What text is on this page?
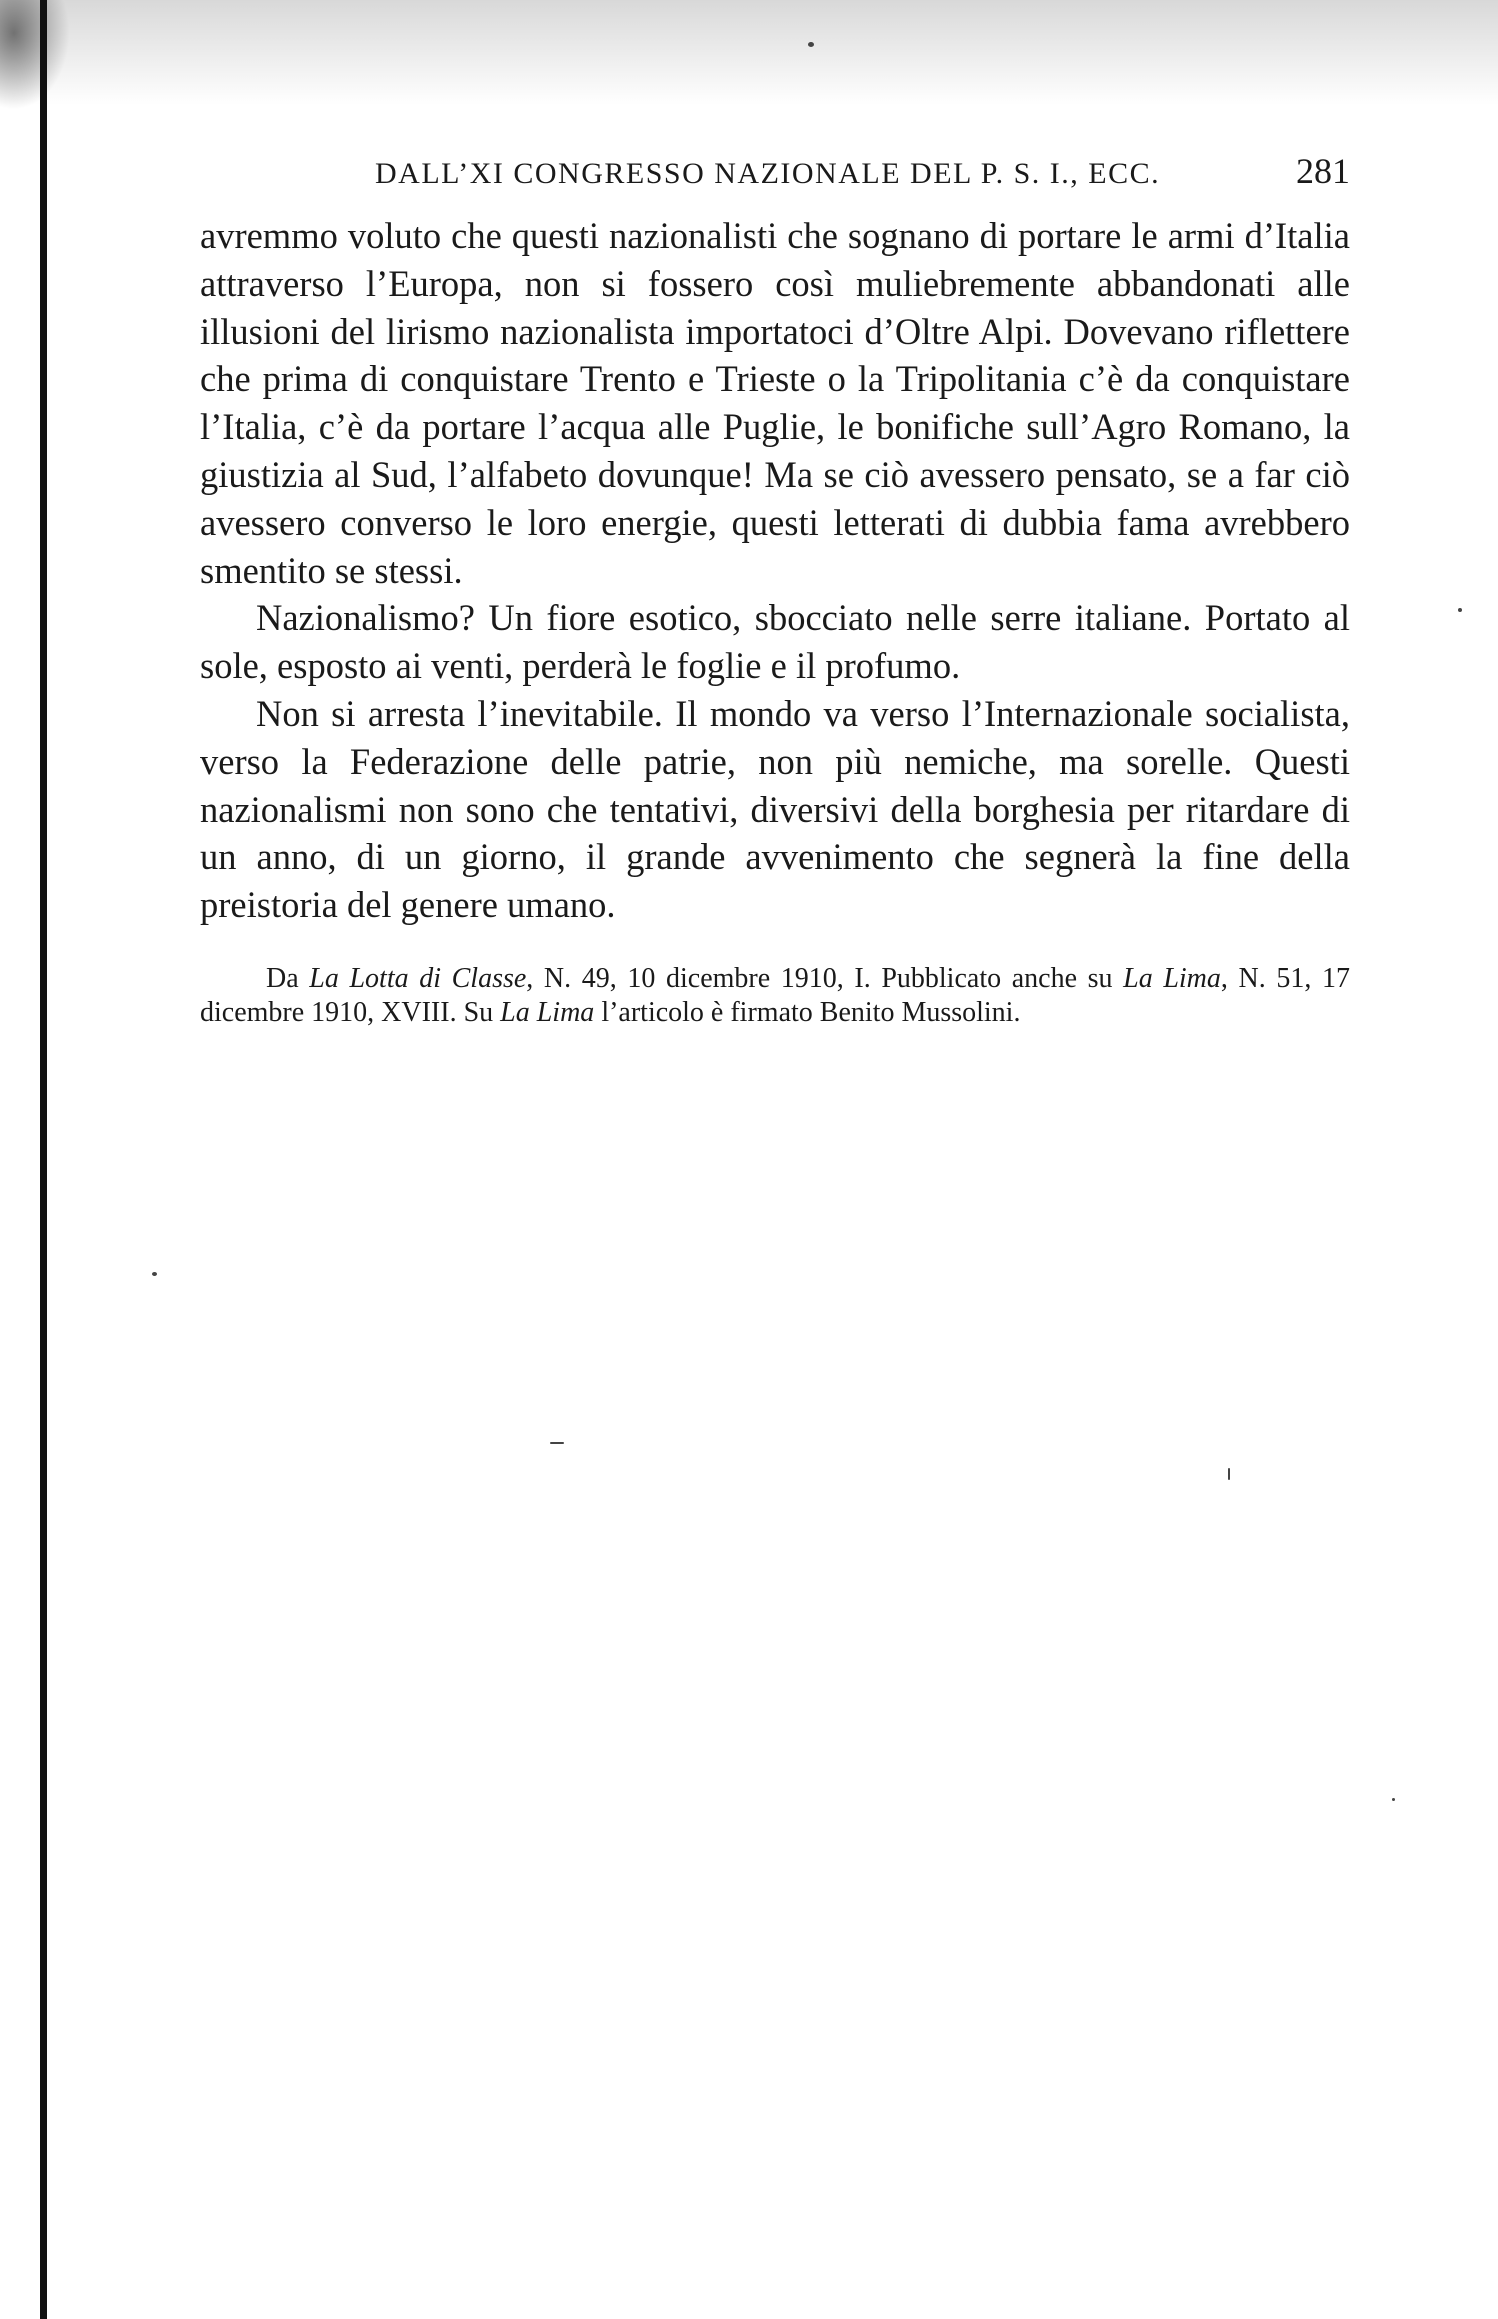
DALL’XI CONGRESSO NAZIONALE DEL P. S. I., ECC.	281

avremmo voluto che questi nazionalisti che sognano di portare le armi d’Italia attraverso l’Europa, non si fossero così muliebremente abbandonati alle illusioni del lirismo nazionalista importatoci d’Oltre Alpi. Dovevano riflettere che prima di conquistare Trento e Trieste o la Tripolitania c’è da conquistare l’Italia, c’è da portare l’acqua alle Puglie, le bonifiche sull’Agro Romano, la giustizia al Sud, l’alfabeto dovunque! Ma se ciò avessero pensato, se a far ciò avessero converso le loro energie, questi letterati di dubbia fama avrebbero smentito se stessi.

Nazionalismo? Un fiore esotico, sbocciato nelle serre italiane. Portato al sole, esposto ai venti, perderà le foglie e il profumo.

Non si arresta l’inevitabile. Il mondo va verso l’Internazionale socialista, verso la Federazione delle patrie, non più nemiche, ma sorelle. Questi nazionalismi non sono che tentativi, diversivi della borghesia per ritardare di un anno, di un giorno, il grande avvenimento che segnerà la fine della preistoria del genere umano.

Da La Lotta di Classe, N. 49, 10 dicembre 1910, I. Pubblicato anche su La Lima, N. 51, 17 dicembre 1910, XVIII. Su La Lima l’articolo è firmato Benito Mussolini.
